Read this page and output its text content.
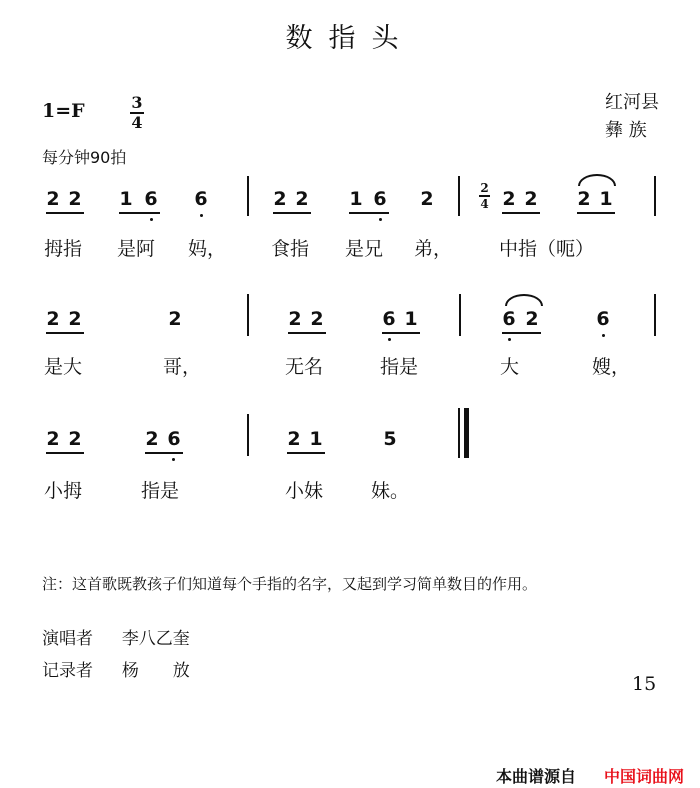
数指头
1=F	3
4
每分钟90拍
红河县
彝 族
2 2 1 6 6	2 2 1 6 2	2
4 2 2 2 1
拇指 是阿 妈， 食指 是兄 弟， 中指（呃）
2 2	2	2 2	6 1	6 2	6
是大	哥，	无名	指是	大	嫂，
2 2	2 6	2 1	5
小拇	指是	小妹	妹。
注：这首歌既教孩子们知道每个手指的名字，又起到学习简单数目的作用。
演唱者 李八乙奎
记录者 杨　　放
15
本曲谱源自 中国词曲网
